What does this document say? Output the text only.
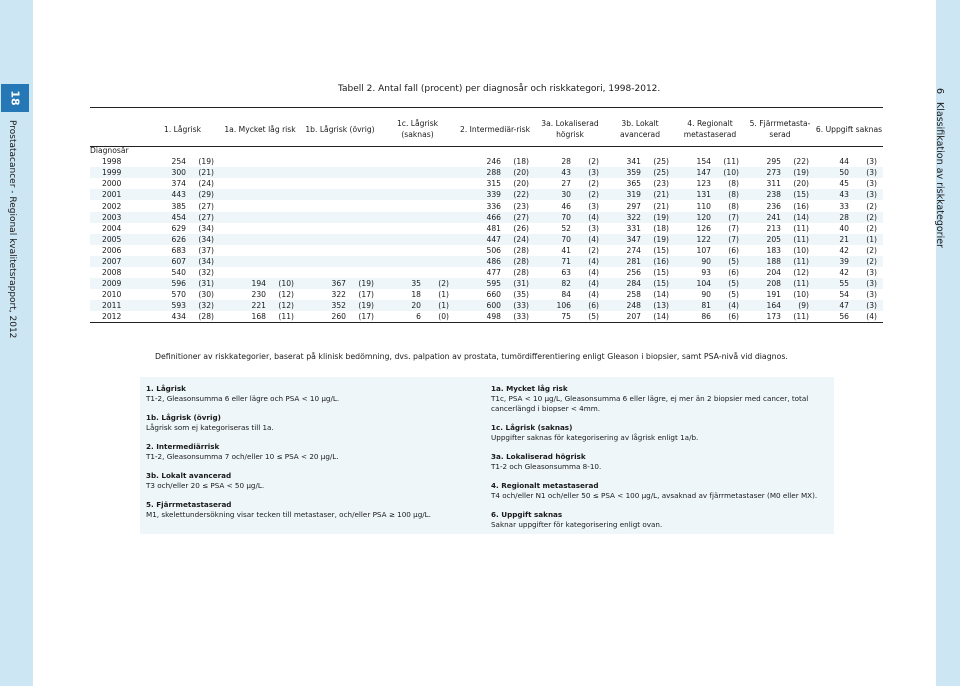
18
Prostatacancer - Regional kvalitetsrapport, 2012
6Klassifikation av riskkategorier
Tabell 2. Antal fall (procent) per diagnosår och riskkategori, 1998-2012.
	1. Lågrisk	1a. Mycket låg risk	1b. Lågrisk (övrig)	1c. Lågrisk (saknas)	2. Intermediär-risk	3a. Lokaliserad högrisk	3b. Lokalt avancerad	4. Regionalt metastaserad	5. Fjärrmetasta-serad	6. Uppgift saknas
Diagnosår										
1998	254 (19)				246 (18)	28 (2)	341 (25)	154 (11)	295 (22)	44 (3)
1999	300 (21)				288 (20)	43 (3)	359 (25)	147 (10)	273 (19)	50 (3)
2000	374 (24)				315 (20)	27 (2)	365 (23)	123 (8)	311 (20)	45 (3)
2001	443 (29)				339 (22)	30 (2)	319 (21)	131 (8)	238 (15)	43 (3)
2002	385 (27)				336 (23)	46 (3)	297 (21)	110 (8)	236 (16)	33 (2)
2003	454 (27)				466 (27)	70 (4)	322 (19)	120 (7)	241 (14)	28 (2)
2004	629 (34)				481 (26)	52 (3)	331 (18)	126 (7)	213 (11)	40 (2)
2005	626 (34)				447 (24)	70 (4)	347 (19)	122 (7)	205 (11)	21 (1)
2006	683 (37)				506 (28)	41 (2)	274 (15)	107 (6)	183 (10)	42 (2)
2007	607 (34)				486 (28)	71 (4)	281 (16)	90 (5)	188 (11)	39 (2)
2008	540 (32)				477 (28)	63 (4)	256 (15)	93 (6)	204 (12)	42 (3)
2009	596 (31)	194 (10)	367 (19)	35 (2)	595 (31)	82 (4)	284 (15)	104 (5)	208 (11)	55 (3)
2010	570 (30)	230 (12)	322 (17)	18 (1)	660 (35)	84 (4)	258 (14)	90 (5)	191 (10)	54 (3)
2011	593 (32)	221 (12)	352 (19)	20 (1)	600 (33)	106 (6)	248 (13)	81 (4)	164 (9)	47 (3)
2012	434 (28)	168 (11)	260 (17)	6 (0)	498 (33)	75 (5)	207 (14)	86 (6)	173 (11)	56 (4)
Definitioner av riskkategorier, baserat på klinisk bedömning, dvs. palpation av prostata, tumördifferentiering enligt Gleason i biopsier, samt PSA-nivå vid diagnos.
1. Lågrisk
T1-2, Gleasonsumma 6 eller lägre och PSA < 10 µg/L.
1b. Lågrisk (övrig)
Lågrisk som ej kategoriseras till 1a.
2. Intermediärrisk
T1-2, Gleasonsumma 7 och/eller 10 ≤ PSA < 20 µg/L.
3b. Lokalt avancerad
T3 och/eller 20 ≤ PSA < 50 µg/L.
5. Fjärrmetastaserad
M1, skelettundersökning visar tecken till metastaser, och/eller PSA ≥ 100 µg/L.
1a. Mycket låg risk
T1c, PSA < 10 µg/L, Gleasonsumma 6 eller lägre, ej mer än 2 biopsier med cancer, total cancerlängd i biopser < 4mm.
1c. Lågrisk (saknas)
Uppgifter saknas för kategorisering av lågrisk enligt 1a/b.
3a. Lokaliserad högrisk
T1-2 och Gleasonsumma 8-10.
4. Regionalt metastaserad
T4 och/eller N1 och/eller 50 ≤ PSA < 100 µg/L, avsaknad av fjärrmetastaser (M0 eller MX).
6. Uppgift saknas
Saknar uppgifter för kategorisering enligt ovan.
